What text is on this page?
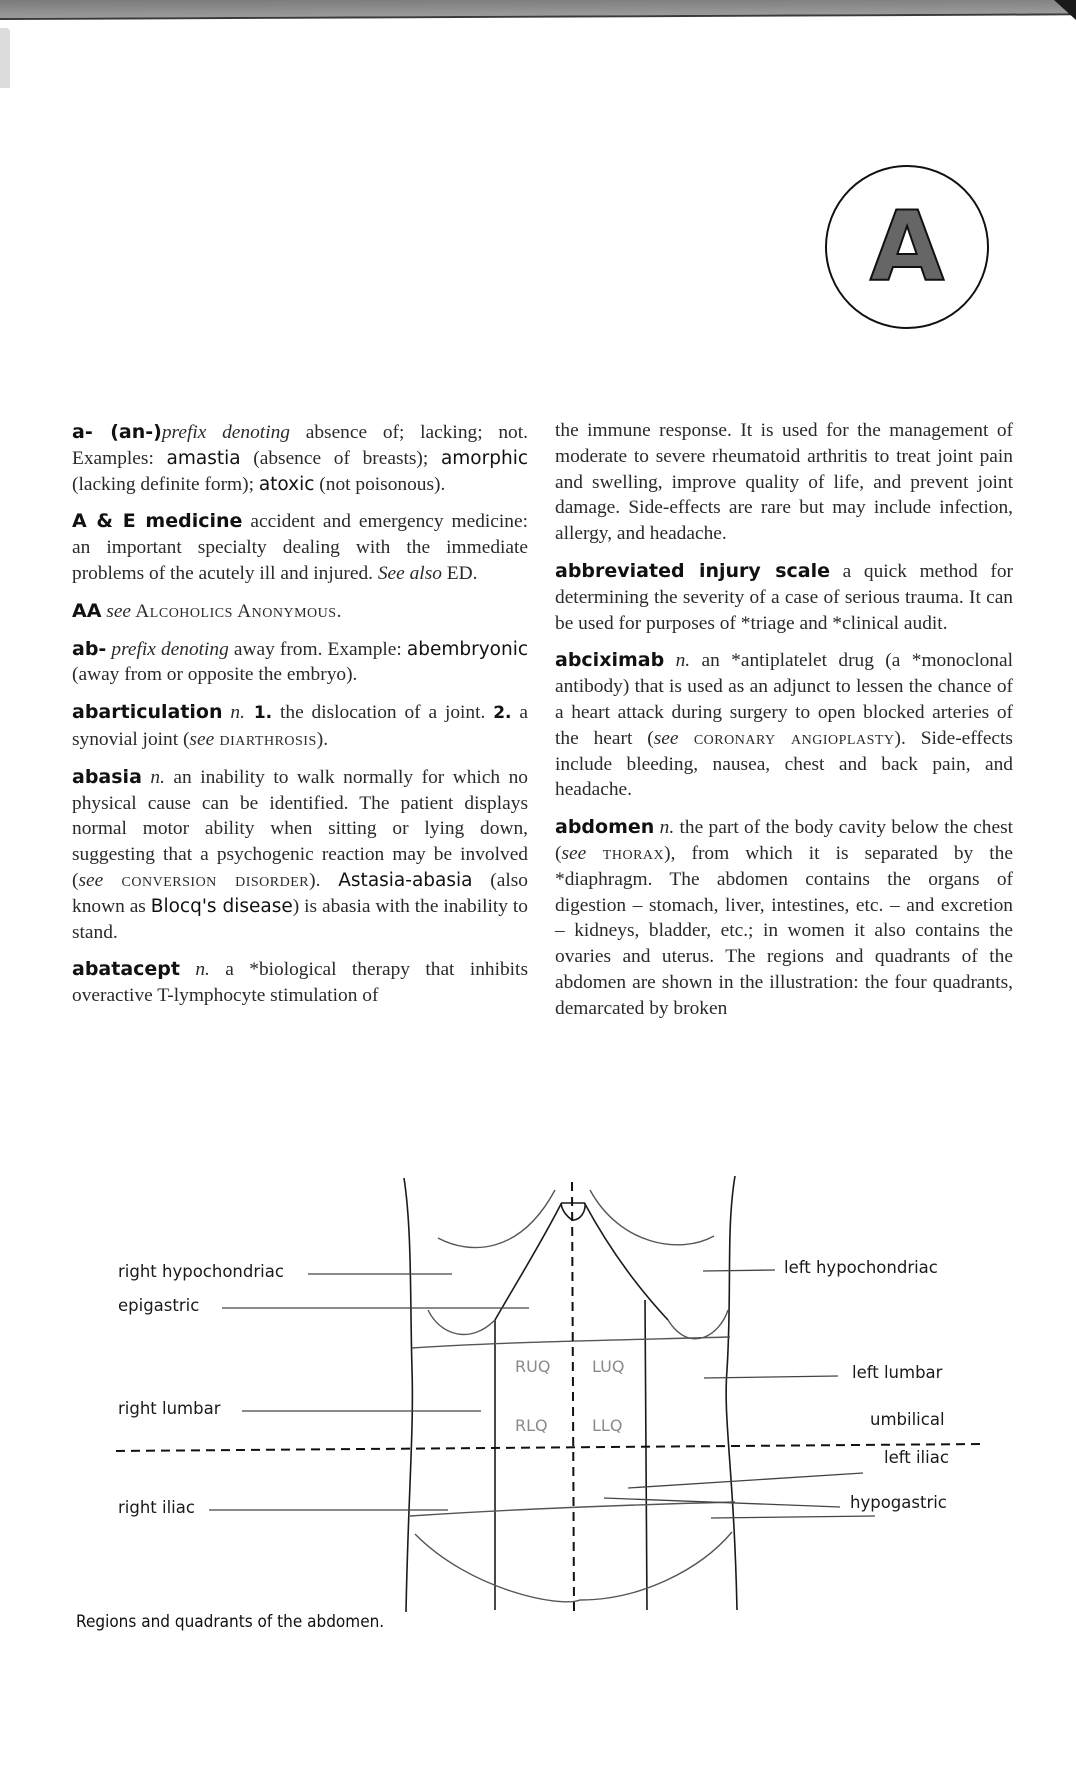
A

a- (an-)prefix denoting absence of; lacking; not. Examples: amastia (absence of breasts); amorphic (lacking definite form); atoxic (not poisonous).

A & E medicine accident and emergency medicine: an important specialty dealing with the immediate problems of the acutely ill and injured. See also ED.

AA see Alcoholics Anonymous.

ab- prefix denoting away from. Example: abembryonic (away from or opposite the embryo).

abarticulation n. 1. the dislocation of a joint. 2. a synovial joint (see diarthrosis).

abasia n. an inability to walk normally for which no physical cause can be identified. The patient displays normal motor ability when sitting or lying down, suggesting that a psychogenic reaction may be involved (see conversion disorder). Astasia-abasia (also known as Blocq's disease) is abasia with the inability to stand.

abatacept n. a *biological therapy that inhibits overactive T-lymphocyte stimulation of

the immune response. It is used for the management of moderate to severe rheumatoid arthritis to treat joint pain and swelling, improve quality of life, and prevent joint damage. Side-effects are rare but may include infection, allergy, and headache.

abbreviated injury scale a quick method for determining the severity of a case of serious trauma. It can be used for purposes of *triage and *clinical audit.

abciximab n. an *antiplatelet drug (a *monoclonal antibody) that is used as an adjunct to lessen the chance of a heart attack during surgery to open blocked arteries of the heart (see coronary angioplasty). Side-effects include bleeding, nausea, chest and back pain, and headache.

abdomen n. the part of the body cavity below the chest (see thorax), from which it is separated by the *diaphragm. The abdomen contains the organs of digestion – stomach, liver, intestines, etc. – and excretion – kidneys, bladder, etc.; in women it also contains the ovaries and uterus. The regions and quadrants of the abdomen are shown in the illustration: the four quadrants, demarcated by broken

right hypochondriac
epigastric
right lumbar
right iliac
left hypochondriac
left lumbar
umbilical
left iliac
hypogastric
RUQ	LUQ
RLQ	LLQ
Regions and quadrants of the abdomen.
